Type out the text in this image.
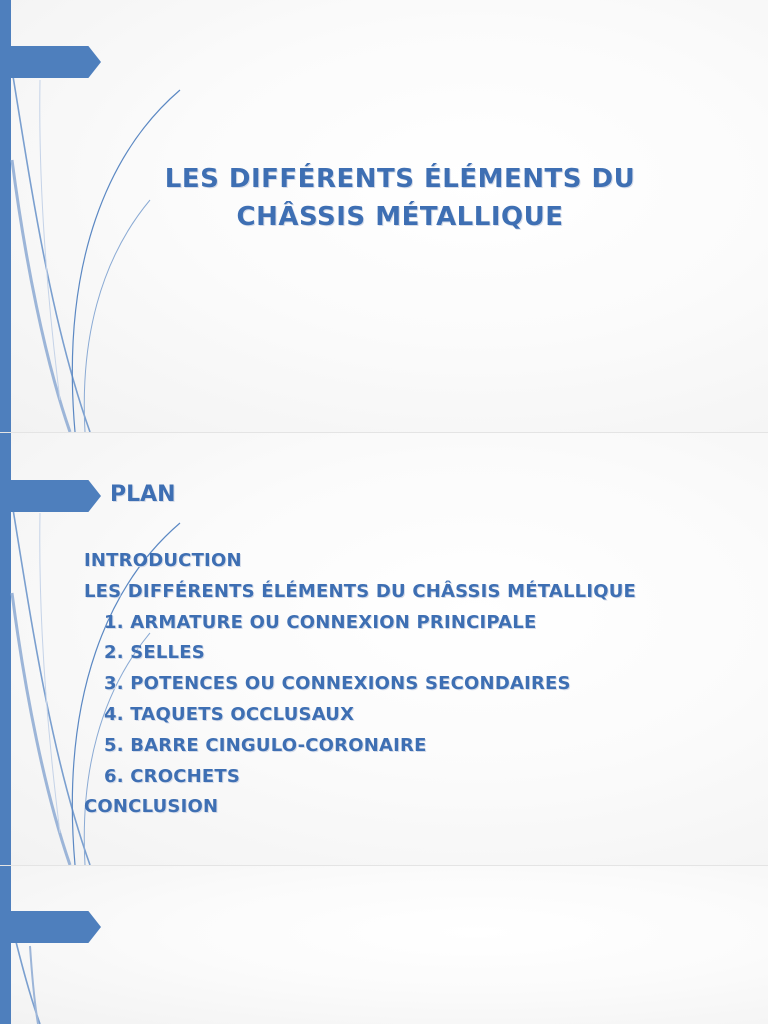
LES DIFFÉRENTS ÉLÉMENTS DU
CHÂSSIS MÉTALLIQUE
PLAN
INTRODUCTION
LES DIFFÉRENTS ÉLÉMENTS DU CHÂSSIS MÉTALLIQUE
1. ARMATURE OU CONNEXION PRINCIPALE
2. SELLES
3. POTENCES OU CONNEXIONS SECONDAIRES
4. TAQUETS OCCLUSAUX
5. BARRE CINGULO-CORONAIRE
6. CROCHETS
CONCLUSION
